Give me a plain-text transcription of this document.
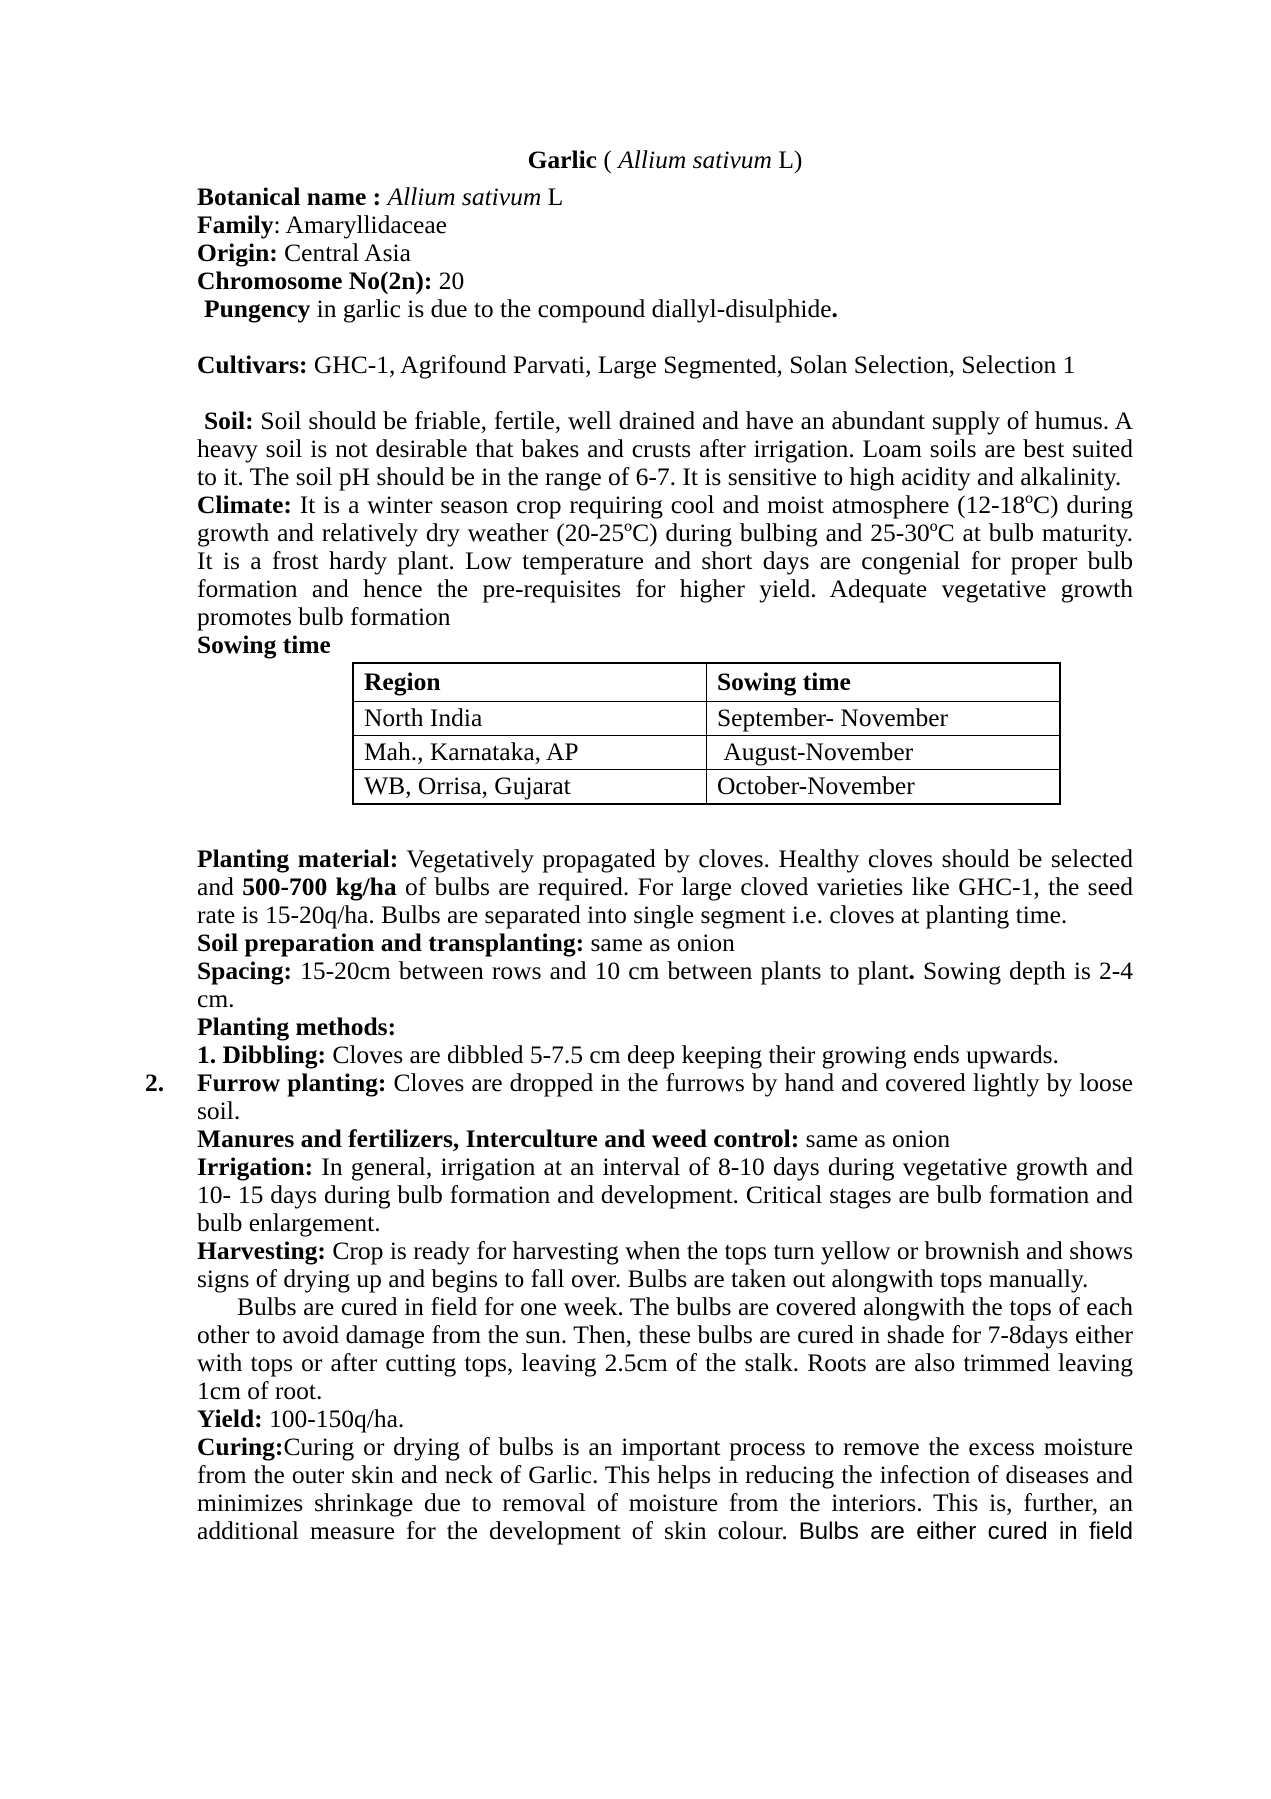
Garlic ( Allium sativum L)

Botanical name : Allium sativum L

Family: Amaryllidaceae

Origin: Central Asia

Chromosome No(2n): 20

Pungency in garlic is due to the compound diallyl-disulphide.

Cultivars: GHC-1, Agrifound Parvati, Large Segmented, Solan Selection, Selection 1

Soil: Soil should be friable, fertile, well drained and have an abundant supply of humus. A heavy soil is not desirable that bakes and crusts after irrigation. Loam soils are best suited to it. The soil pH should be in the range of 6-7. It is sensitive to high acidity and alkalinity.

Climate: It is a winter season crop requiring cool and moist atmosphere (12-18ºC) during growth and relatively dry weather (20-25ºC) during bulbing and 25-30ºC at bulb maturity. It is a frost hardy plant. Low temperature and short days are congenial for proper bulb formation and hence the pre-requisites for higher yield. Adequate vegetative growth promotes bulb formation

Sowing time

Region	Sowing time
North India	September- November
Mah., Karnataka, AP	August-November
WB, Orrisa, Gujarat	October-November

Planting material: Vegetatively propagated by cloves. Healthy cloves should be selected and 500-700 kg/ha of bulbs are required. For large cloved varieties like GHC-1, the seed rate is 15-20q/ha. Bulbs are separated into single segment i.e. cloves at planting time.

Soil preparation and transplanting: same as onion

Spacing: 15-20cm between rows and 10 cm between plants to plant. Sowing depth is 2-4 cm.

Planting methods:

1. Dibbling: Cloves are dibbled 5-7.5 cm deep keeping their growing ends upwards.

2. Furrow planting: Cloves are dropped in the furrows by hand and covered lightly by loose soil.

Manures and fertilizers, Interculture and weed control: same as onion

Irrigation: In general, irrigation at an interval of 8-10 days during vegetative growth and 10- 15 days during bulb formation and development. Critical stages are bulb formation and bulb enlargement.

Harvesting: Crop is ready for harvesting when the tops turn yellow or brownish and shows signs of drying up and begins to fall over. Bulbs are taken out alongwith tops manually.

Bulbs are cured in field for one week. The bulbs are covered alongwith the tops of each other to avoid damage from the sun. Then, these bulbs are cured in shade for 7-8days either with tops or after cutting tops, leaving 2.5cm of the stalk. Roots are also trimmed leaving 1cm of root.

Yield: 100-150q/ha.

Curing:Curing or drying of bulbs is an important process to remove the excess moisture from the outer skin and neck of Garlic. This helps in reducing the infection of diseases and minimizes shrinkage due to removal of moisture from the interiors. This is, further, an additional measure for the development of skin colour. Bulbs are either cured in field
